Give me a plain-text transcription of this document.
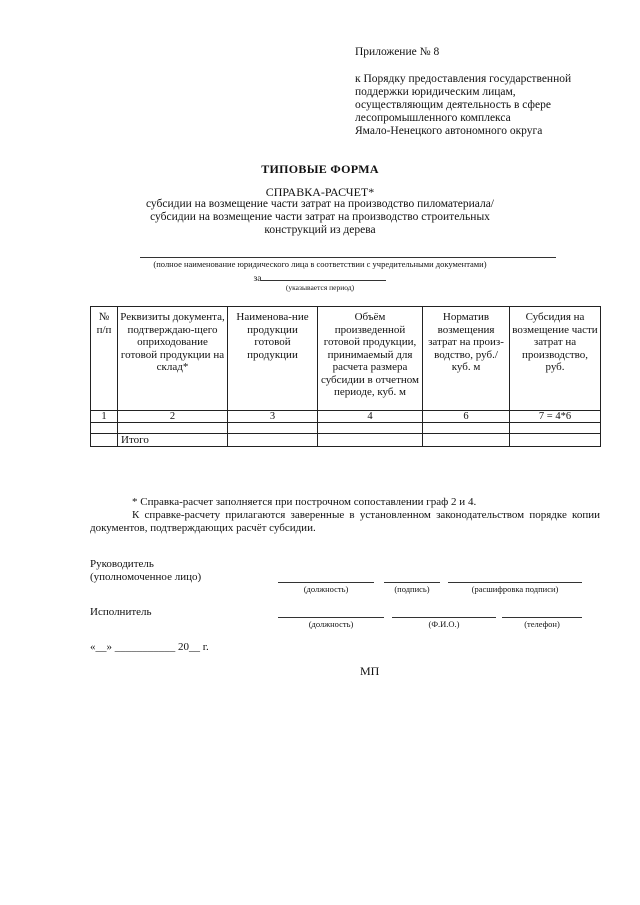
Приложение № 8
к Порядку предоставления государственной
поддержки юридическим лицам,
осуществляющим деятельность в сфере
лесопромышленного комплекса
Ямало-Ненецкого автономного округа
ТИПОВЫЕ ФОРМА
СПРАВКА-РАСЧЕТ*
субсидии на возмещение части затрат на производство пиломатериала/
субсидии на возмещение части затрат на производство строительных
конструкций из дерева
(полное наименование юридического лица в соответствии с учредительными документами)
за
(указывается период)
№ п/п	Реквизиты документа, подтверждаю-щего оприходование готовой продукции на склад*	Наименова-ние продукции готовой продукции	Объём произведенной готовой продукции, принимаемый для расчета размера субсидии в отчетном периоде, куб. м	Норматив возмещения затрат на произ-водство, руб./куб. м	Субсидия на возмещение части затрат на производство, руб.
1	2	3	4	6	7 = 4*6

	Итого				
* Справка-расчет заполняется при построчном сопоставлении граф 2 и 4.
К справке-расчету прилагаются заверенные в установленном законодательством порядке копии документов, подтверждающих расчёт субсидии.
Руководитель
(уполномоченное лицо)
(должность)	(подпись)	(расшифровка подписи)
Исполнитель
(должность)	(Ф.И.О.)	(телефон)
«__» ___________ 20__ г.
МП
